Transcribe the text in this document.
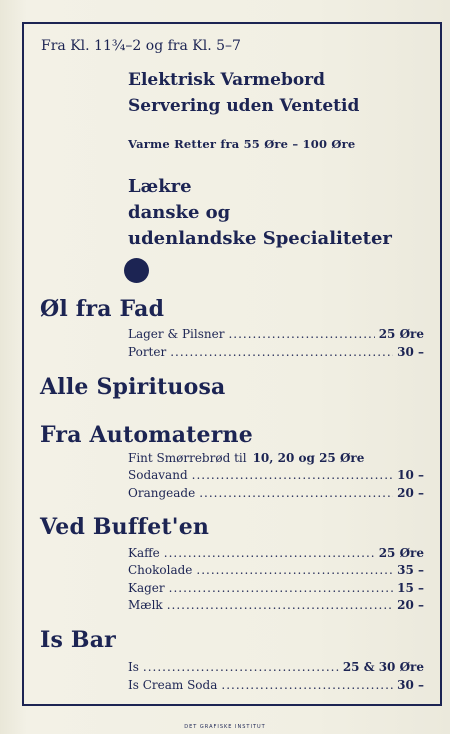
Fra Kl. 11¾–2 og fra Kl. 5–7
Elektrisk Varmebord
Servering uden Ventetid
Varme Retter fra 55 Øre – 100 Øre
Lækre
danske og
udenlandske Specialiteter
Øl fra Fad
Lager & Pilsner .....	25 Øre
Porter .....	30 –
Alle Spirituosa
Fra Automaterne
Fint Smørrebrød til 10, 20 og 25 Øre
Sodavand .....	10 –
Orangeade .....	20 –
Ved Buffet'en
Kaffe .....	25 Øre
Chokolade .....	35 –
Kager .....	15 –
Mælk .....	20 –
Is Bar
Is .....	25 & 30 Øre
Is Cream Soda .....	30 –
DET GRAFISKE INSTITUT
